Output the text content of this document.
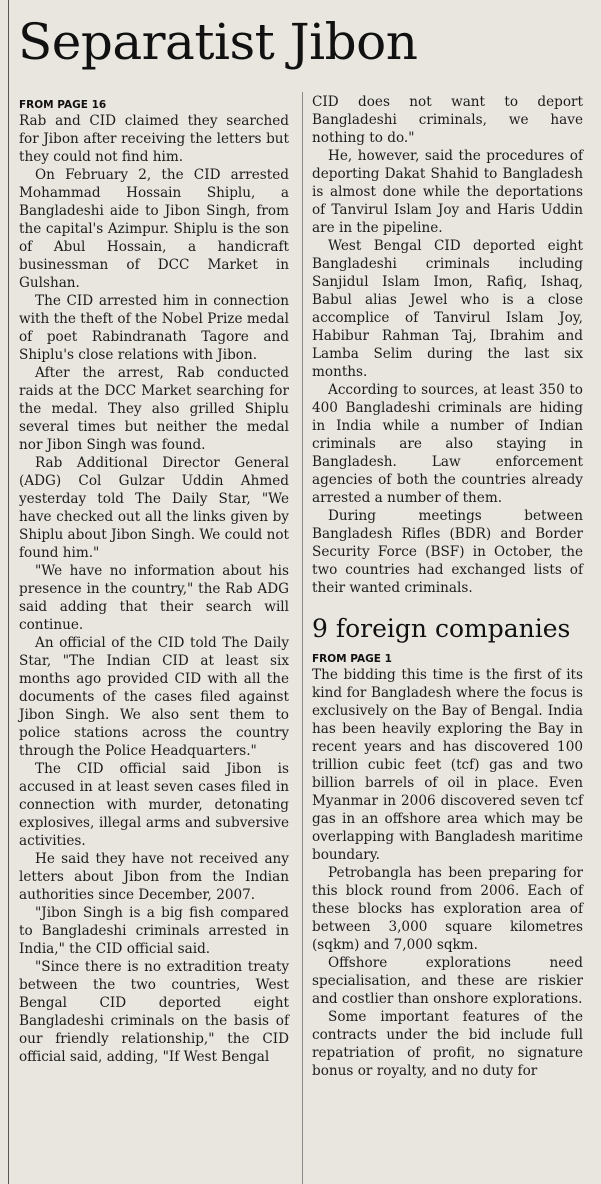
Separatist Jibon
FROM PAGE 16

Rab and CID claimed they searched for Jibon after receiving the letters but they could not find him.

On February 2, the CID arrested Mohammad Hossain Shiplu, a Bangladeshi aide to Jibon Singh, from the capital's Azimpur. Shiplu is the son of Abul Hossain, a handicraft businessman of DCC Market in Gulshan.

The CID arrested him in connection with the theft of the Nobel Prize medal of poet Rabindranath Tagore and Shiplu's close relations with Jibon.

After the arrest, Rab conducted raids at the DCC Market searching for the medal. They also grilled Shiplu several times but neither the medal nor Jibon Singh was found.

Rab Additional Director General (ADG) Col Gulzar Uddin Ahmed yesterday told The Daily Star, "We have checked out all the links given by Shiplu about Jibon Singh. We could not found him."

"We have no information about his presence in the country," the Rab ADG said adding that their search will continue.

An official of the CID told The Daily Star, "The Indian CID at least six months ago provided CID with all the documents of the cases filed against Jibon Singh. We also sent them to police stations across the country through the Police Headquarters."

The CID official said Jibon is accused in at least seven cases filed in connection with murder, detonating explosives, illegal arms and subversive activities.

He said they have not received any letters about Jibon from the Indian authorities since December, 2007.

"Jibon Singh is a big fish compared to Bangladeshi criminals arrested in India," the CID official said.

"Since there is no extradition treaty between the two countries, West Bengal CID deported eight Bangladeshi criminals on the basis of our friendly relationship," the CID official said, adding, "If West Bengal

CID does not want to deport Bangladeshi criminals, we have nothing to do."

He, however, said the procedures of deporting Dakat Shahid to Bangladesh is almost done while the deportations of Tanvirul Islam Joy and Haris Uddin are in the pipeline.

West Bengal CID deported eight Bangladeshi criminals including Sanjidul Islam Imon, Rafiq, Ishaq, Babul alias Jewel who is a close accomplice of Tanvirul Islam Joy, Habibur Rahman Taj, Ibrahim and Lamba Selim during the last six months.

According to sources, at least 350 to 400 Bangladeshi criminals are hiding in India while a number of Indian criminals are also staying in Bangladesh. Law enforcement agencies of both the countries already arrested a number of them.

During meetings between Bangladesh Rifles (BDR) and Border Security Force (BSF) in October, the two countries had exchanged lists of their wanted criminals.

9 foreign companies
FROM PAGE 1

The bidding this time is the first of its kind for Bangladesh where the focus is exclusively on the Bay of Bengal. India has been heavily exploring the Bay in recent years and has discovered 100 trillion cubic feet (tcf) gas and two billion barrels of oil in place. Even Myanmar in 2006 discovered seven tcf gas in an offshore area which may be overlapping with Bangladesh maritime boundary.

Petrobangla has been preparing for this block round from 2006. Each of these blocks has exploration area of between 3,000 square kilometres (sqkm) and 7,000 sqkm.

Offshore explorations need specialisation, and these are riskier and costlier than onshore explorations.

Some important features of the contracts under the bid include full repatriation of profit, no signature bonus or royalty, and no duty for
